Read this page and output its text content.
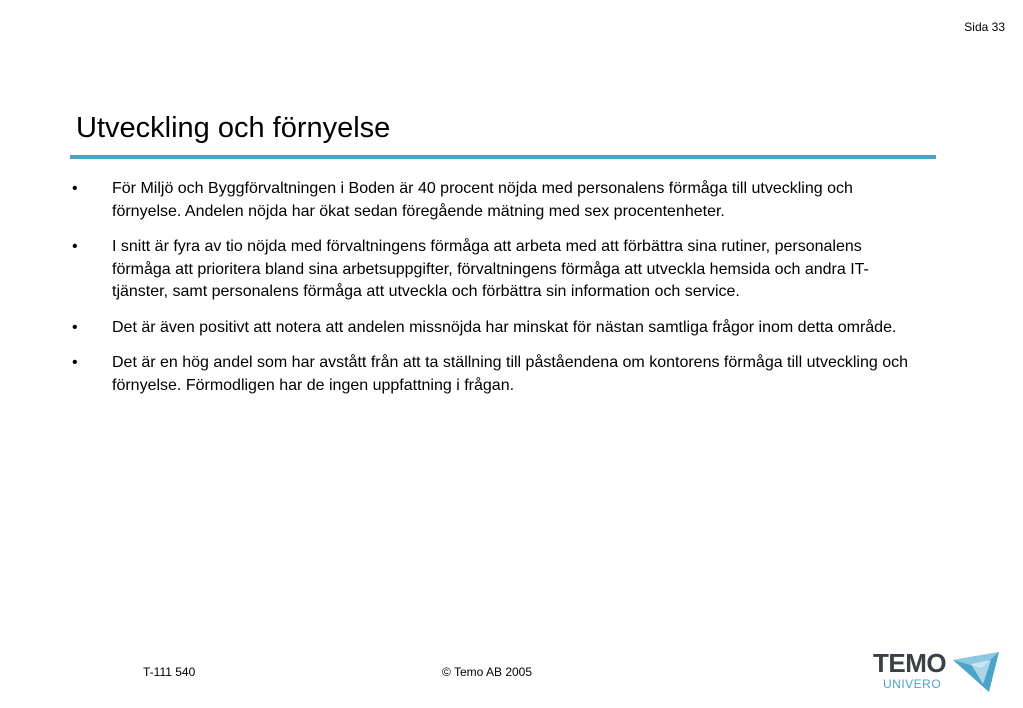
Sida 33
Utveckling och förnyelse
•	För Miljö och Byggförvaltningen i Boden är 40 procent nöjda med personalens förmåga till utveckling och förnyelse. Andelen nöjda har ökat sedan föregående mätning med sex procentenheter.
•	I snitt är fyra av tio nöjda med förvaltningens förmåga att arbeta med att förbättra sina rutiner, personalens förmåga att prioritera bland sina arbetsuppgifter, förvaltningens förmåga att utveckla hemsida och andra IT-tjänster, samt personalens förmåga att utveckla och förbättra sin information och service.
•	Det är även positivt att notera att andelen missnöjda har minskat för nästan samtliga frågor inom detta område.
•	Det är en hög andel som har avstått från att ta ställning till påståendena om kontorens förmåga till utveckling och förnyelse. Förmodligen har de ingen uppfattning i frågan.
T-111 540	© Temo AB 2005	TEMO
UNIVERO
